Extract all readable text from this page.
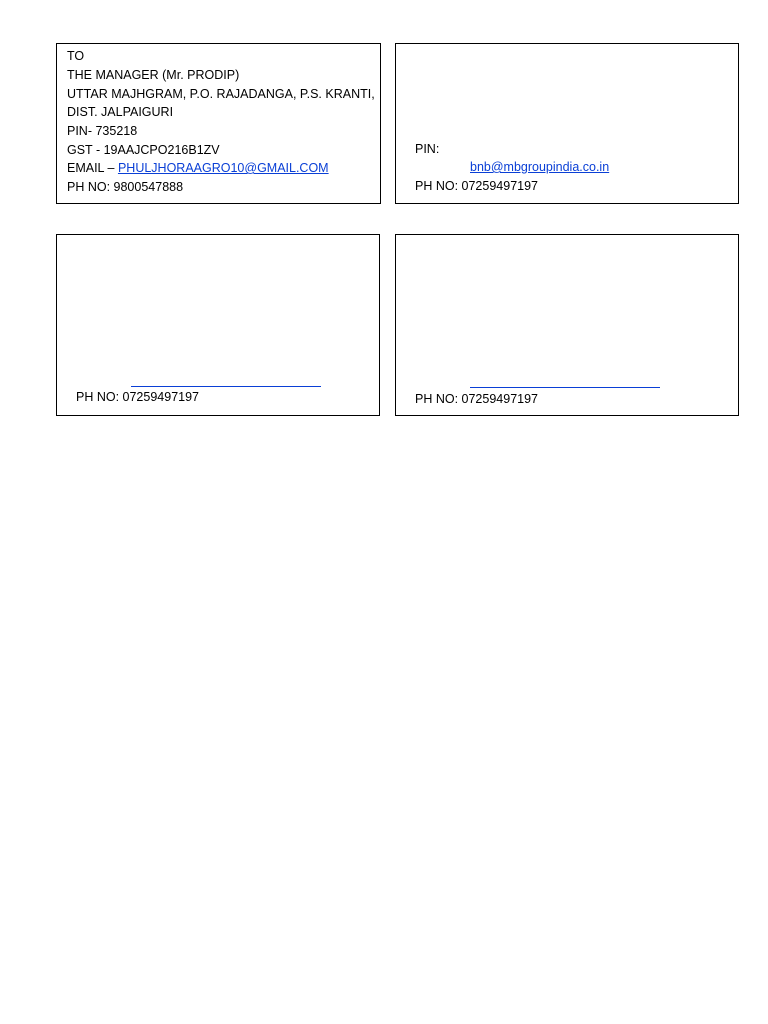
TO
THE MANAGER (Mr. PRODIP)
UTTAR MAJHGRAM, P.O. RAJADANGA, P.S. KRANTI,
DIST. JALPAIGURI
PIN- 735218
GST - 19AAJCPO216B1ZV
EMAIL – PHULJHORAAGRO10@GMAIL.COM
PH NO: 9800547888
PIN:
bnb@mbgroupindia.co.in
PH NO: 07259497197
PH NO: 07259497197	PH NO: 07259497197
